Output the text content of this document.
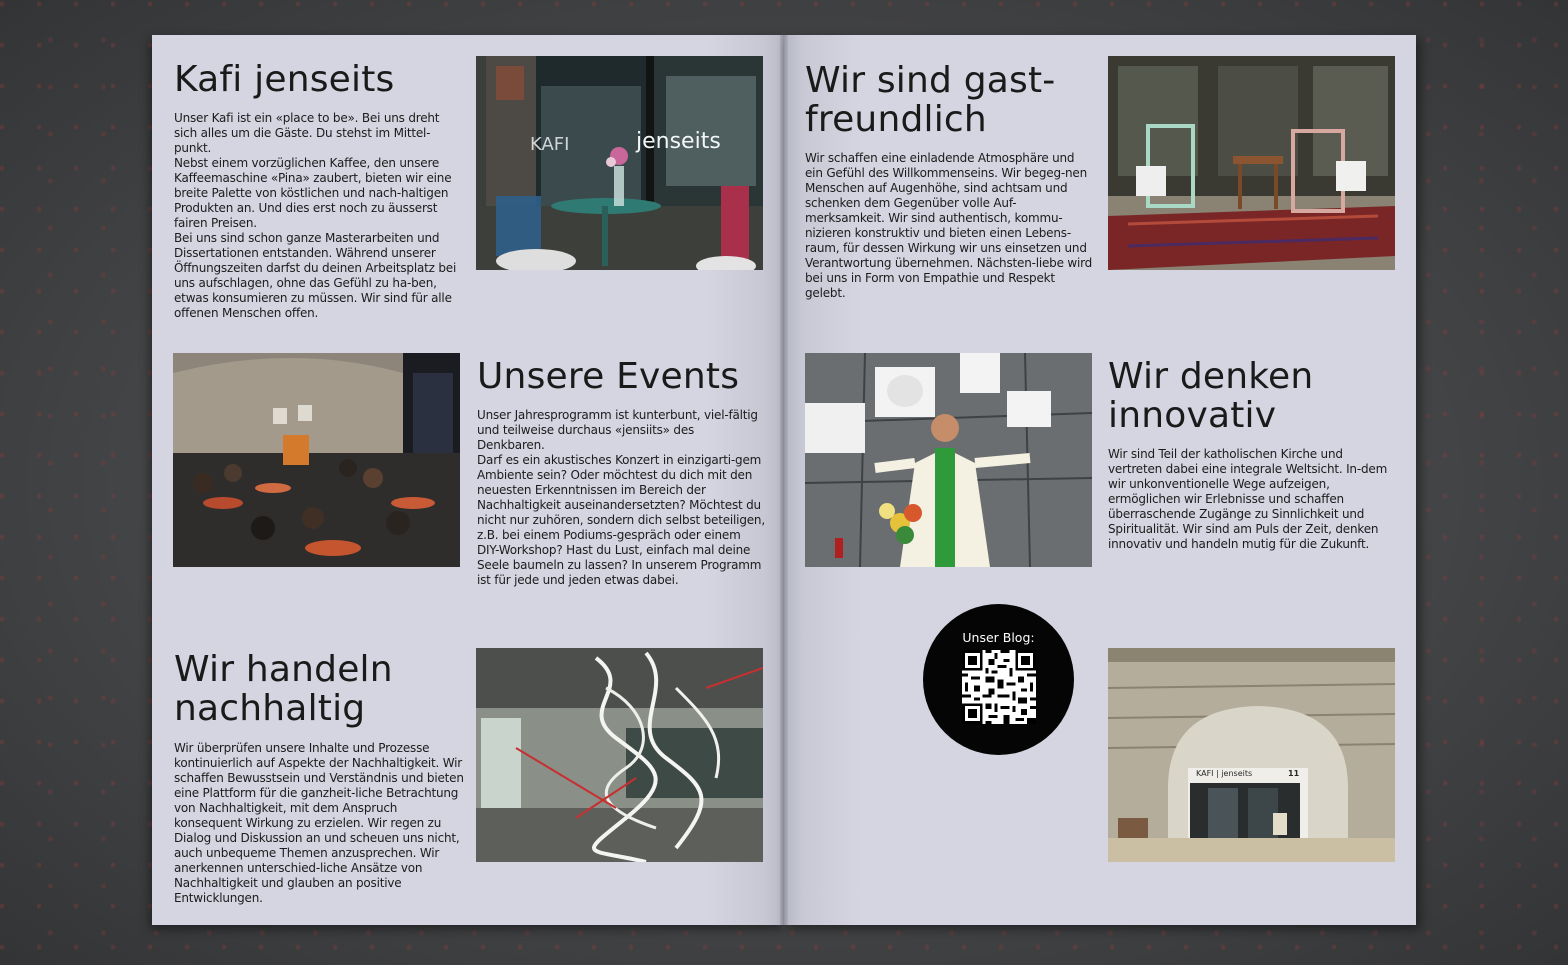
Kafi jenseits

Unser Kafi ist ein «place to be». Bei uns dreht sich alles um die Gäste. Du stehst im Mittel-punkt.

Nebst einem vorzüglichen Kaffee, den unsere Kaffeemaschine «Pina» zaubert, bieten wir eine breite Palette von köstlichen und nach-haltigen Produkten an. Und dies erst noch zu äusserst fairen Preisen.

Bei uns sind schon ganze Masterarbeiten und Dissertationen entstanden. Während unserer Öffnungszeiten darfst du deinen Arbeitsplatz bei uns aufschlagen, ohne das Gefühl zu ha-ben, etwas konsumieren zu müssen. Wir sind für alle offenen Menschen offen.

KAFI	jenseits
Unsere Events

Unser Jahresprogramm ist kunterbunt, viel-fältig und teilweise durchaus «jensiits» des Denkbaren.

Darf es ein akustisches Konzert in einzigarti-gem Ambiente sein? Oder möchtest du dich mit den neuesten Erkenntnissen im Bereich der Nachhaltigkeit auseinandersetzten? Möchtest du nicht nur zuhören, sondern dich selbst beteiligen, z.B. bei einem Podiums-gespräch oder einem DIY-Workshop? Hast du Lust, einfach mal deine Seele baumeln zu lassen? In unserem Programm ist für jede und jeden etwas dabei.

Wir handeln
nachhaltig

Wir überprüfen unsere Inhalte und Prozesse kontinuierlich auf Aspekte der Nachhaltigkeit. Wir schaffen Bewusstsein und Verständnis und bieten eine Plattform für die ganzheit-liche Betrachtung von Nachhaltigkeit, mit dem Anspruch konsequent Wirkung zu erzielen. Wir regen zu Dialog und Diskussion an und scheuen uns nicht, auch unbequeme Themen anzusprechen. Wir anerkennen unterschied-liche Ansätze von Nachhaltigkeit und glauben an positive Entwicklungen.

Wir sind gast-
freundlich

Wir schaffen eine einladende Atmosphäre und ein Gefühl des Willkommenseins. Wir begeg-nen Menschen auf Augenhöhe, sind achtsam und schenken dem Gegenüber volle Auf-merksamkeit. Wir sind authentisch, kommu-nizieren konstruktiv und bieten einen Lebens-raum, für dessen Wirkung wir uns einsetzen und Verantwortung übernehmen. Nächsten-liebe wird bei uns in Form von Empathie und Respekt gelebt.

Wir denken
innovativ

Wir sind Teil der katholischen Kirche und vertreten dabei eine integrale Weltsicht. In-dem wir unkonventionelle Wege aufzeigen, ermöglichen wir Erlebnisse und schaffen überraschende Zugänge zu Sinnlichkeit und Spiritualität. Wir sind am Puls der Zeit, denken innovativ und handeln mutig für die Zukunft.

Unser Blog:
KAFI | jenseits	11
